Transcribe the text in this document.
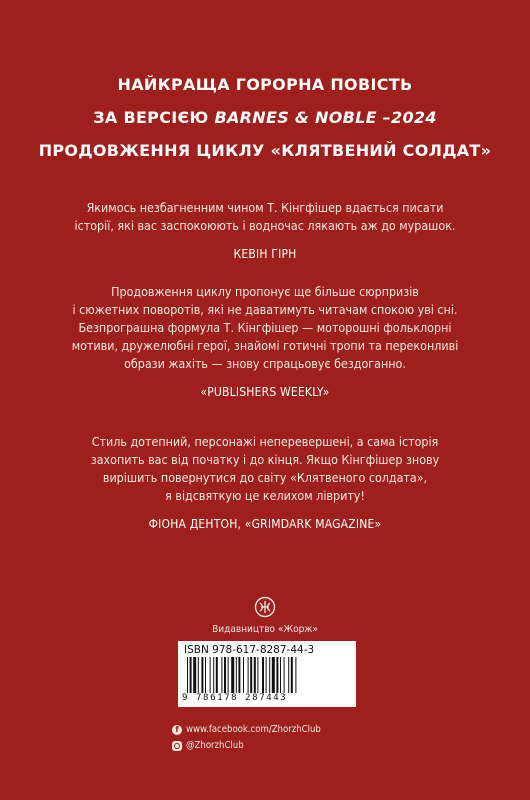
НАЙКРАЩА ГОРОРНА ПОВІСТЬ
ЗА ВЕРСІЄЮ BARNES & NOBLE –2024
ПРОДОВЖЕННЯ ЦИКЛУ «КЛЯТВЕНИЙ СОЛДАТ»
Якимось незбагненним чином Т. Кінгфішер вдається писати
історії, які вас заспокоюють і водночас лякають аж до мурашок.
КЕВІН ГІРН
Продовження циклу пропонує ще більше сюрпризів
і сюжетних поворотів, які не даватимуть читачам спокою уві сні.
Безпрограшна формула Т. Кінгфішер — моторошні фольклорні
мотиви, дружелюбні герої, знайомі готичні тропи та переконливі
образи жахіть — знову спрацьовує бездоганно.
«PUBLISHERS WEEKLY»
Стиль дотепний, персонажі неперевершені, а сама історія
захопить вас від початку і до кінця. Якщо Кінгфішер знову
вирішить повернутися до світу «Клятвеного солдата»,
я відсвяткую це келихом лівриту!
ФІОНА ДЕНТОН, «GRIMDARK MAGAZINE»
Видавництво «Жорж»
ISBN 978-617-8287-44-3
9 786178 287443
f www.facebook.com/ZhorzhClub
@ZhorzhClub
